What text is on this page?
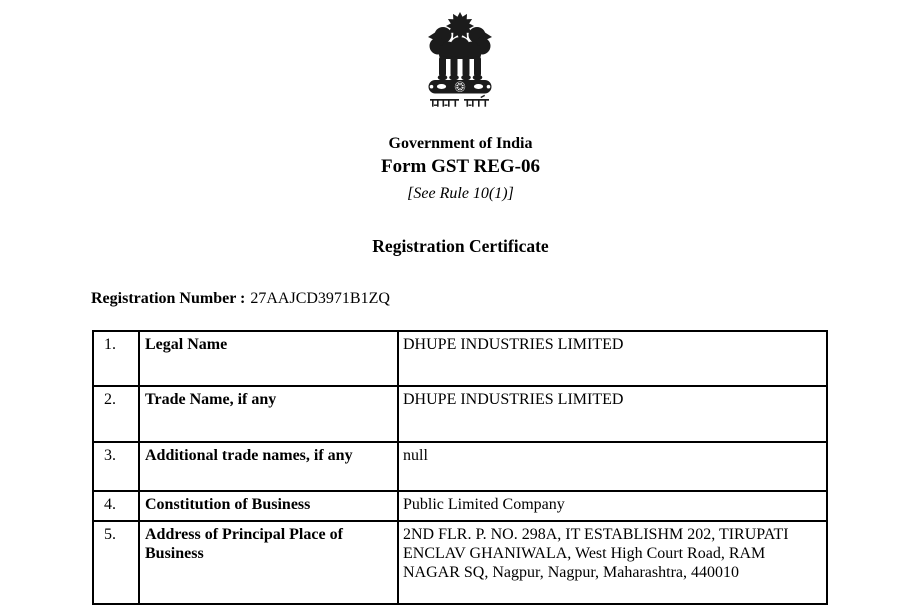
Government of India
Form GST REG-06
[See Rule 10(1)]
Registration Certificate
Registration Number : 27AAJCD3971B1ZQ
1.	Legal Name	DHUPE INDUSTRIES LIMITED
2.	Trade Name, if any	DHUPE INDUSTRIES LIMITED
3.	Additional trade names, if any	null
4.	Constitution of Business	Public Limited Company
5.	Address of Principal Place of Business	2ND FLR. P. NO. 298A, IT ESTABLISHM 202, TIRUPATI ENCLAV GHANIWALA, West High Court Road, RAM NAGAR SQ, Nagpur, Nagpur, Maharashtra, 440010
